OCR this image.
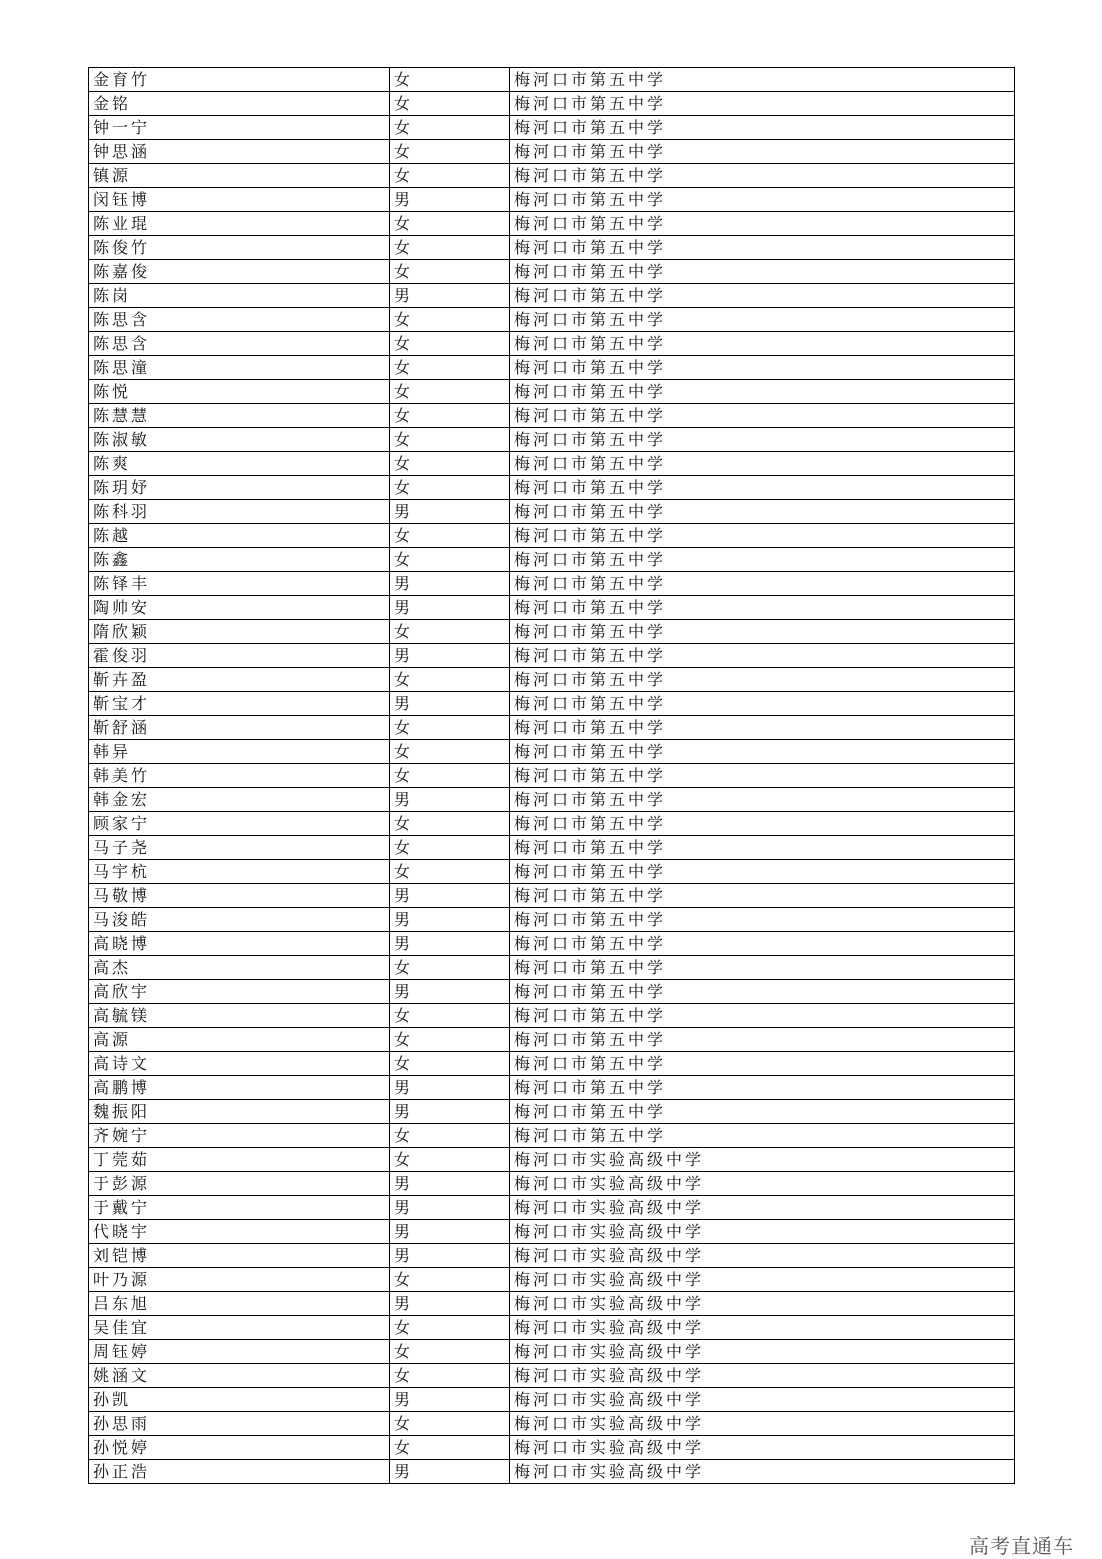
金育竹	女	梅河口市第五中学
金铭	女	梅河口市第五中学
钟一宁	女	梅河口市第五中学
钟思涵	女	梅河口市第五中学
镇源	女	梅河口市第五中学
闵钰博	男	梅河口市第五中学
陈业琨	女	梅河口市第五中学
陈俊竹	女	梅河口市第五中学
陈嘉俊	女	梅河口市第五中学
陈岗	男	梅河口市第五中学
陈思含	女	梅河口市第五中学
陈思含	女	梅河口市第五中学
陈思潼	女	梅河口市第五中学
陈悦	女	梅河口市第五中学
陈慧慧	女	梅河口市第五中学
陈淑敏	女	梅河口市第五中学
陈爽	女	梅河口市第五中学
陈玥妤	女	梅河口市第五中学
陈科羽	男	梅河口市第五中学
陈越	女	梅河口市第五中学
陈鑫	女	梅河口市第五中学
陈铎丰	男	梅河口市第五中学
陶帅安	男	梅河口市第五中学
隋欣颖	女	梅河口市第五中学
霍俊羽	男	梅河口市第五中学
靳卉盈	女	梅河口市第五中学
靳宝才	男	梅河口市第五中学
靳舒涵	女	梅河口市第五中学
韩异	女	梅河口市第五中学
韩美竹	女	梅河口市第五中学
韩金宏	男	梅河口市第五中学
顾家宁	女	梅河口市第五中学
马子尧	女	梅河口市第五中学
马宇杭	女	梅河口市第五中学
马敬博	男	梅河口市第五中学
马浚皓	男	梅河口市第五中学
高晓博	男	梅河口市第五中学
高杰	女	梅河口市第五中学
高欣宇	男	梅河口市第五中学
高毓镁	女	梅河口市第五中学
高源	女	梅河口市第五中学
高诗文	女	梅河口市第五中学
高鹏博	男	梅河口市第五中学
魏振阳	男	梅河口市第五中学
齐婉宁	女	梅河口市第五中学
丁莞茹	女	梅河口市实验高级中学
于彭源	男	梅河口市实验高级中学
于戴宁	男	梅河口市实验高级中学
代晓宇	男	梅河口市实验高级中学
刘铠博	男	梅河口市实验高级中学
叶乃源	女	梅河口市实验高级中学
吕东旭	男	梅河口市实验高级中学
吴佳宜	女	梅河口市实验高级中学
周钰婷	女	梅河口市实验高级中学
姚涵文	女	梅河口市实验高级中学
孙凯	男	梅河口市实验高级中学
孙思雨	女	梅河口市实验高级中学
孙悦婷	女	梅河口市实验高级中学
孙正浩	男	梅河口市实验高级中学
高考直通车
